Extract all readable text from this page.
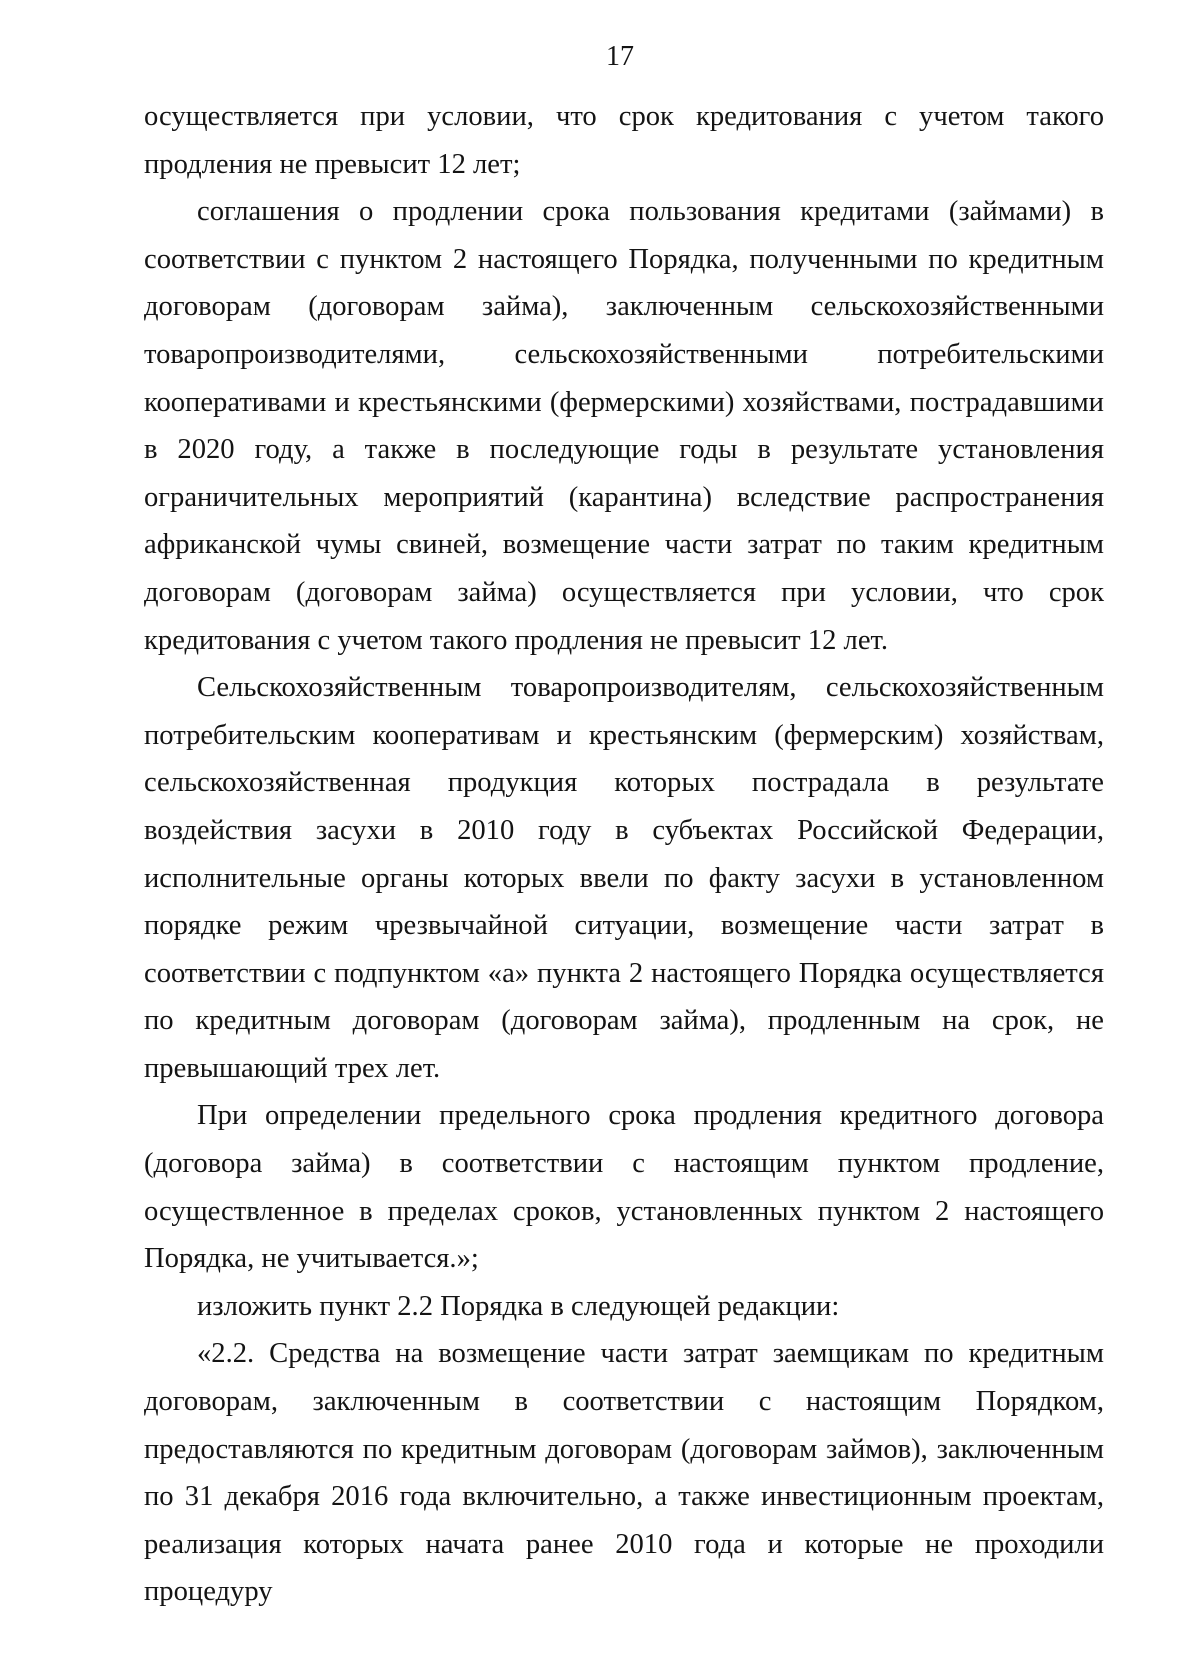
17

осуществляется при условии, что срок кредитования с учетом такого продления не превысит 12 лет;

соглашения о продлении срока пользования кредитами (займами) в соответствии с пунктом 2 настоящего Порядка, полученными по кредитным договорам (договорам займа), заключенным сельскохозяйственными товаропроизводителями, сельскохозяйственными потребительскими кооперативами и крестьянскими (фермерскими) хозяйствами, пострадавшими в 2020 году, а также в последующие годы в результате установления ограничительных мероприятий (карантина) вследствие распространения африканской чумы свиней, возмещение части затрат по таким кредитным договорам (договорам займа) осуществляется при условии, что срок кредитования с учетом такого продления не превысит 12 лет.

Сельскохозяйственным товаропроизводителям, сельскохозяйственным потребительским кооперативам и крестьянским (фермерским) хозяйствам, сельскохозяйственная продукция которых пострадала в результате воздействия засухи в 2010 году в субъектах Российской Федерации, исполнительные органы которых ввели по факту засухи в установленном порядке режим чрезвычайной ситуации, возмещение части затрат в соответствии с подпунктом «а» пункта 2 настоящего Порядка осуществляется по кредитным договорам (договорам займа), продленным на срок, не превышающий трех лет.

При определении предельного срока продления кредитного договора (договора займа) в соответствии с настоящим пунктом продление, осуществленное в пределах сроков, установленных пунктом 2 настоящего Порядка, не учитывается.»;

изложить пункт 2.2 Порядка в следующей редакции:

«2.2. Средства на возмещение части затрат заемщикам по кредитным договорам, заключенным в соответствии с настоящим Порядком, предоставляются по кредитным договорам (договорам займов), заключенным по 31 декабря 2016 года включительно, а также инвестиционным проектам, реализация которых начата ранее 2010 года и которые не проходили процедуру
